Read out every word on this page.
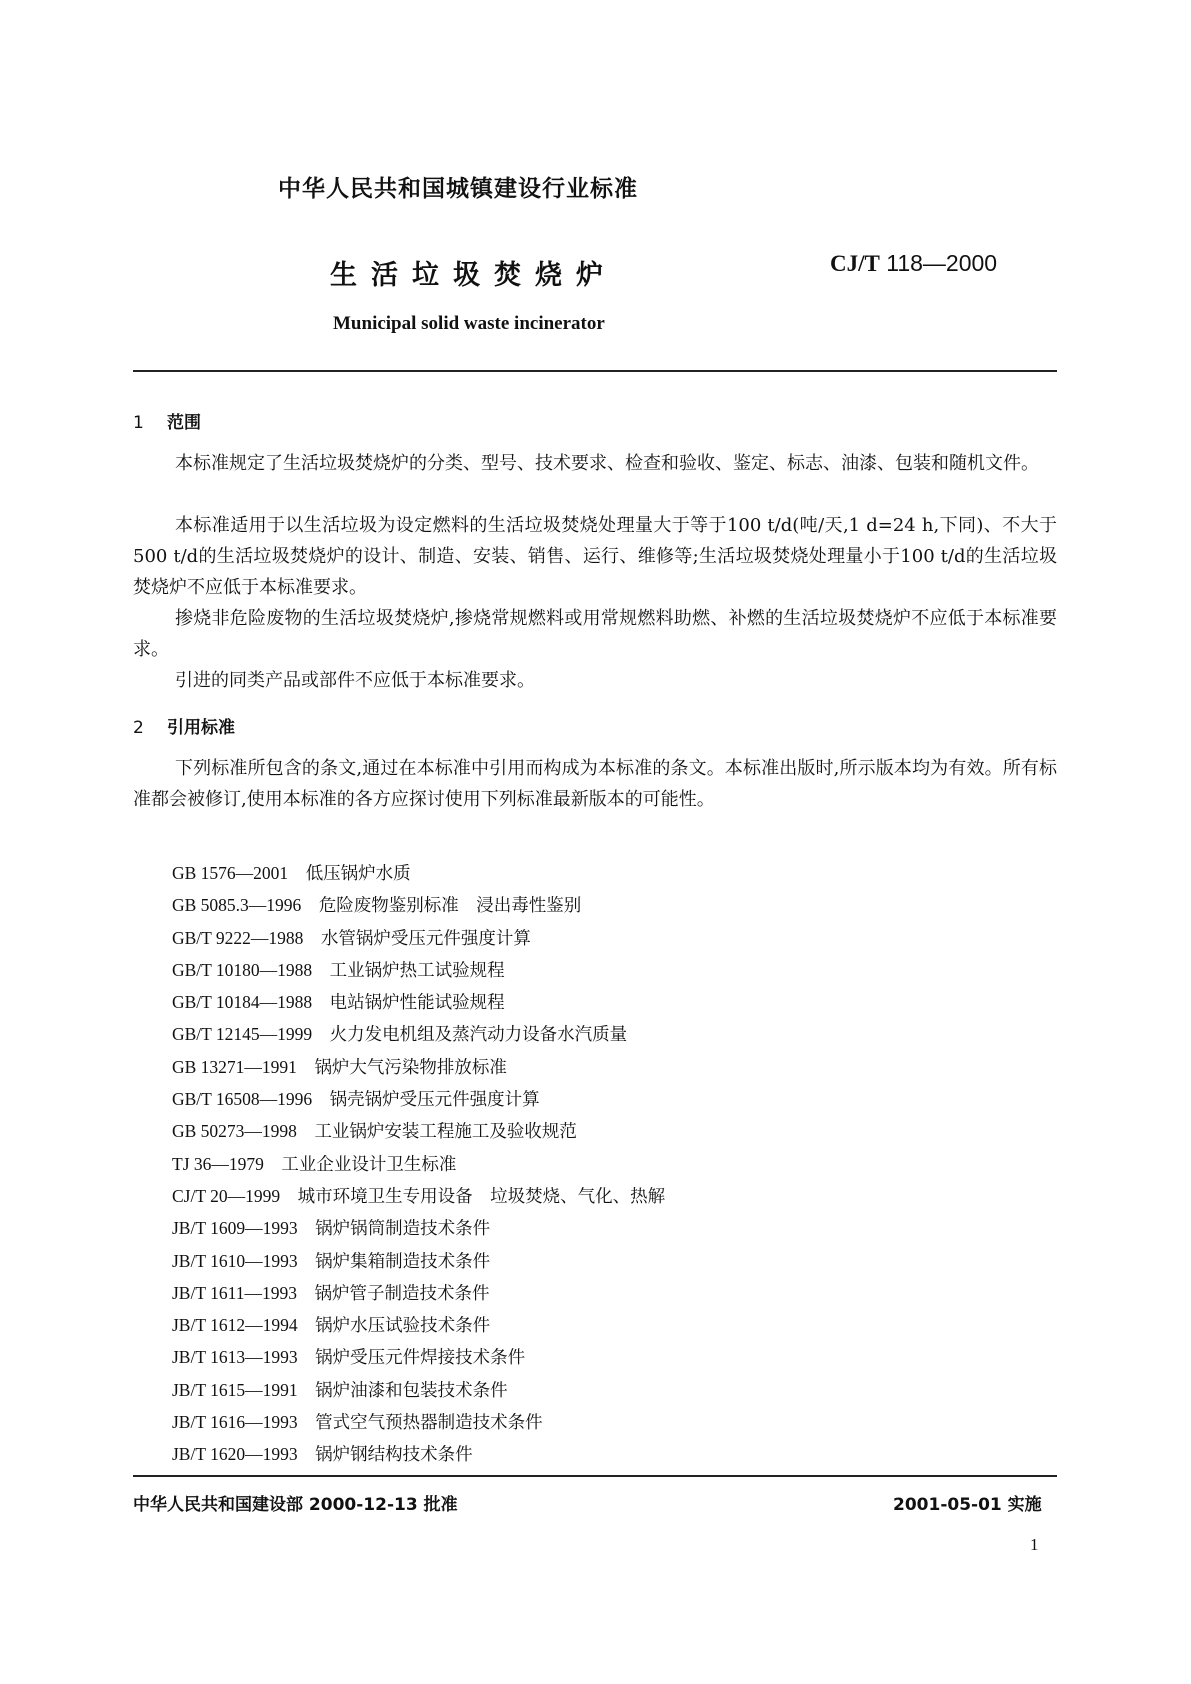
中华人民共和国城镇建设行业标准
生活垃圾焚烧炉	CJ/T 118—2000
Municipal solid waste incinerator
1 范围
本标准规定了生活垃圾焚烧炉的分类、型号、技术要求、检查和验收、鉴定、标志、油漆、包装和随机文件。
本标准适用于以生活垃圾为设定燃料的生活垃圾焚烧处理量大于等于100 t/d(吨/天,1 d=24 h,下同)、不大于500 t/d的生活垃圾焚烧炉的设计、制造、安装、销售、运行、维修等;生活垃圾焚烧处理量小于100 t/d的生活垃圾焚烧炉不应低于本标准要求。
掺烧非危险废物的生活垃圾焚烧炉,掺烧常规燃料或用常规燃料助燃、补燃的生活垃圾焚烧炉不应低于本标准要求。
引进的同类产品或部件不应低于本标准要求。
2 引用标准
下列标准所包含的条文,通过在本标准中引用而构成为本标准的条文。本标准出版时,所示版本均为有效。所有标准都会被修订,使用本标准的各方应探讨使用下列标准最新版本的可能性。
GB 1576—2001　 低压锅炉水质
GB 5085.3—1996　 危险废物鉴别标准　浸出毒性鉴别
GB/T 9222—1988　 水管锅炉受压元件强度计算
GB/T 10180—1988　 工业锅炉热工试验规程
GB/T 10184—1988　 电站锅炉性能试验规程
GB/T 12145—1999　 火力发电机组及蒸汽动力设备水汽质量
GB 13271—1991　 锅炉大气污染物排放标准
GB/T 16508—1996　 锅壳锅炉受压元件强度计算
GB 50273—1998　 工业锅炉安装工程施工及验收规范
TJ 36—1979　 工业企业设计卫生标准
CJ/T 20—1999　 城市环境卫生专用设备　垃圾焚烧、气化、热解
JB/T 1609—1993　 锅炉锅筒制造技术条件
JB/T 1610—1993　 锅炉集箱制造技术条件
JB/T 1611—1993　 锅炉管子制造技术条件
JB/T 1612—1994　 锅炉水压试验技术条件
JB/T 1613—1993　 锅炉受压元件焊接技术条件
JB/T 1615—1991　 锅炉油漆和包装技术条件
JB/T 1616—1993　 管式空气预热器制造技术条件
JB/T 1620—1993　 锅炉钢结构技术条件
中华人民共和国建设部 2000-12-13 批准	2001-05-01 实施
1
